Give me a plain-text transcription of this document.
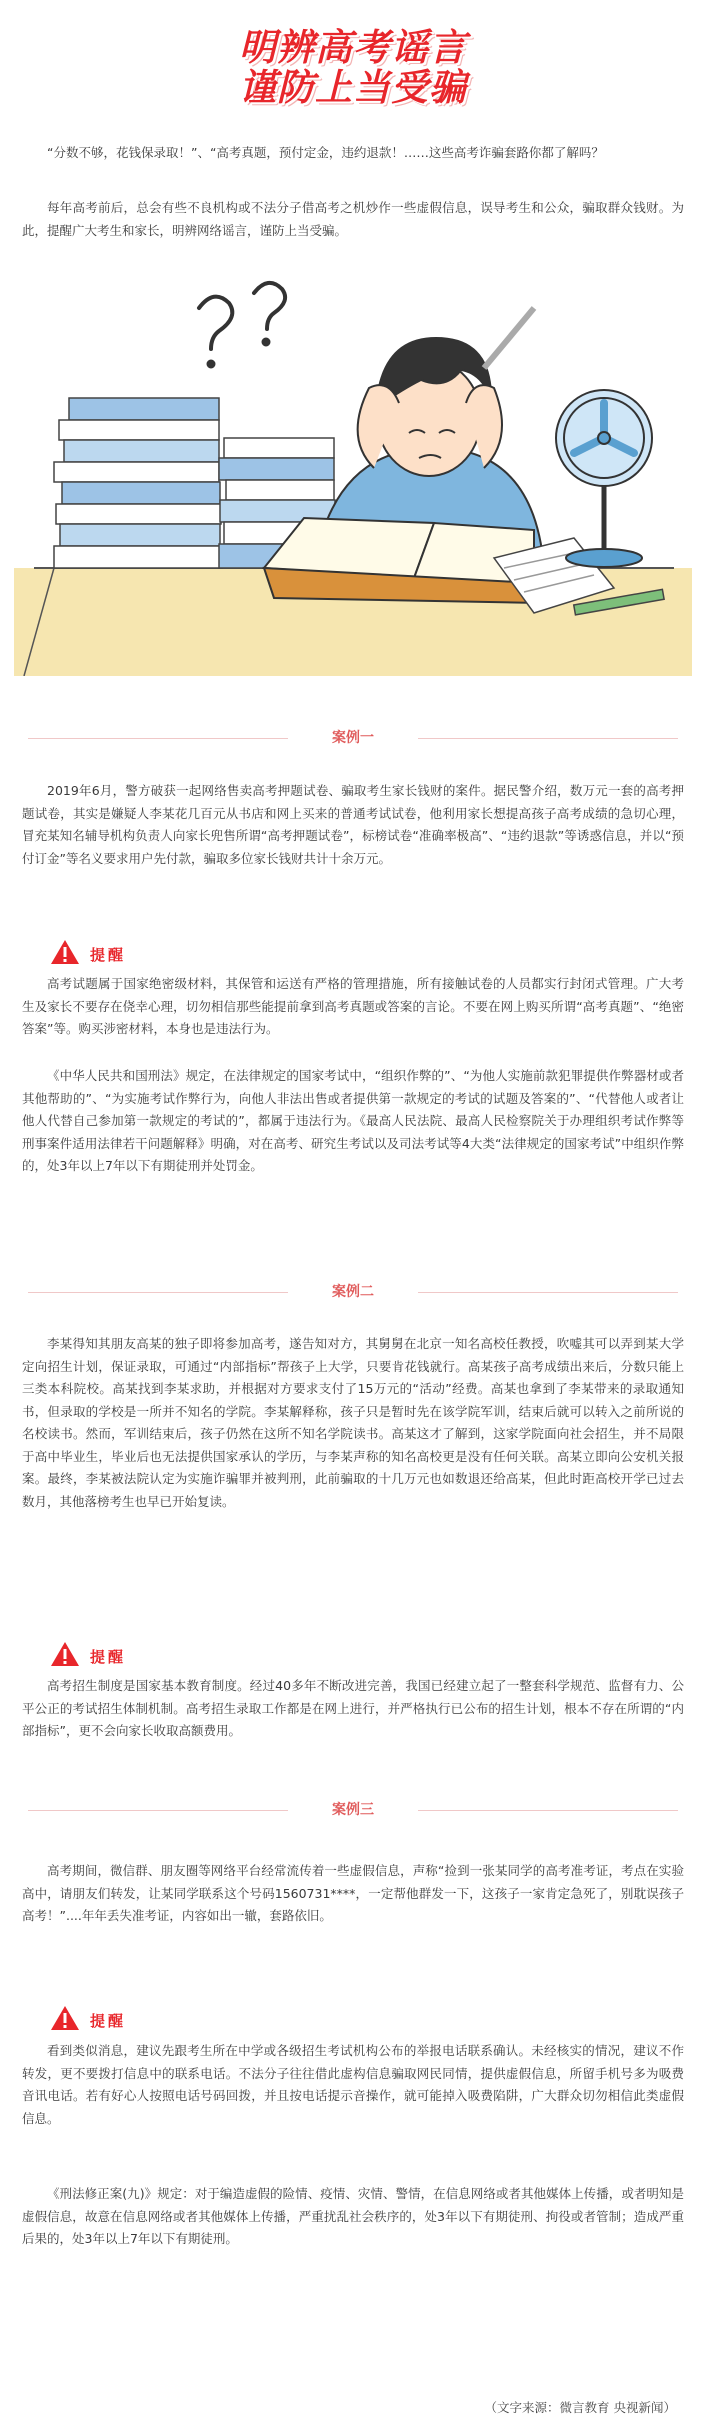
明辨高考谣言
谨防上当受骗

“分数不够，花钱保录取！”、“高考真题，预付定金，违约退款！……这些高考诈骗套路你都了解吗？

每年高考前后，总会有些不良机构或不法分子借高考之机炒作一些虚假信息，误导考生和公众，骗取群众钱财。为此，提醒广大考生和家长，明辨网络谣言，谨防上当受骗。

案例一

2019年6月，警方破获一起网络售卖高考押题试卷、骗取考生家长钱财的案件。据民警介绍，数万元一套的高考押题试卷，其实是嫌疑人李某花几百元从书店和网上买来的普通考试试卷，他利用家长想提高孩子高考成绩的急切心理，冒充某知名辅导机构负责人向家长兜售所谓“高考押题试卷”，标榜试卷“准确率极高”、“违约退款”等诱惑信息，并以“预付订金”等名义要求用户先付款，骗取多位家长钱财共计十余万元。

提醒

高考试题属于国家绝密级材料，其保管和运送有严格的管理措施，所有接触试卷的人员都实行封闭式管理。广大考生及家长不要存在侥幸心理，切勿相信那些能提前拿到高考真题或答案的言论。不要在网上购买所谓“高考真题”、“绝密答案”等。购买涉密材料，本身也是违法行为。

《中华人民共和国刑法》规定，在法律规定的国家考试中，“组织作弊的”、“为他人实施前款犯罪提供作弊器材或者其他帮助的”、“为实施考试作弊行为，向他人非法出售或者提供第一款规定的考试的试题及答案的”、“代替他人或者让他人代替自己参加第一款规定的考试的”，都属于违法行为。《最高人民法院、最高人民检察院关于办理组织考试作弊等刑事案件适用法律若干问题解释》明确，对在高考、研究生考试以及司法考试等4大类“法律规定的国家考试”中组织作弊的，处3年以上7年以下有期徒刑并处罚金。

案例二

李某得知其朋友高某的独子即将参加高考，遂告知对方，其舅舅在北京一知名高校任教授，吹嘘其可以弄到某大学定向招生计划，保证录取，可通过“内部指标”帮孩子上大学，只要肯花钱就行。高某孩子高考成绩出来后，分数只能上三类本科院校。高某找到李某求助，并根据对方要求支付了15万元的“活动”经费。高某也拿到了李某带来的录取通知书，但录取的学校是一所并不知名的学院。李某解释称，孩子只是暂时先在该学院军训，结束后就可以转入之前所说的名校读书。然而，军训结束后，孩子仍然在这所不知名学院读书。高某这才了解到，这家学院面向社会招生，并不局限于高中毕业生，毕业后也无法提供国家承认的学历，与李某声称的知名高校更是没有任何关联。高某立即向公安机关报案。最终，李某被法院认定为实施诈骗罪并被判刑，此前骗取的十几万元也如数退还给高某，但此时距高校开学已过去数月，其他落榜考生也早已开始复读。

提醒

高考招生制度是国家基本教育制度。经过40多年不断改进完善，我国已经建立起了一整套科学规范、监督有力、公平公正的考试招生体制机制。高考招生录取工作都是在网上进行，并严格执行已公布的招生计划，根本不存在所谓的“内部指标”，更不会向家长收取高额费用。

案例三

高考期间，微信群、朋友圈等网络平台经常流传着一些虚假信息，声称“捡到一张某同学的高考准考证，考点在实验高中，请朋友们转发，让某同学联系这个号码1560731****，一定帮他群发一下，这孩子一家肯定急死了，别耽误孩子高考！”....年年丢失准考证，内容如出一辙，套路依旧。

提醒

看到类似消息，建议先跟考生所在中学或各级招生考试机构公布的举报电话联系确认。未经核实的情况，建议不作转发，更不要拨打信息中的联系电话。不法分子往往借此虚构信息骗取网民同情，提供虚假信息，所留手机号多为吸费音讯电话。若有好心人按照电话号码回拨，并且按电话提示音操作，就可能掉入吸费陷阱，广大群众切勿相信此类虚假信息。

《刑法修正案(九)》规定：对于编造虚假的险情、疫情、灾情、警情，在信息网络或者其他媒体上传播，或者明知是虚假信息，故意在信息网络或者其他媒体上传播，严重扰乱社会秩序的，处3年以下有期徒刑、拘役或者管制；造成严重后果的，处3年以上7年以下有期徒刑。

（文字来源：微言教育 央视新闻）
